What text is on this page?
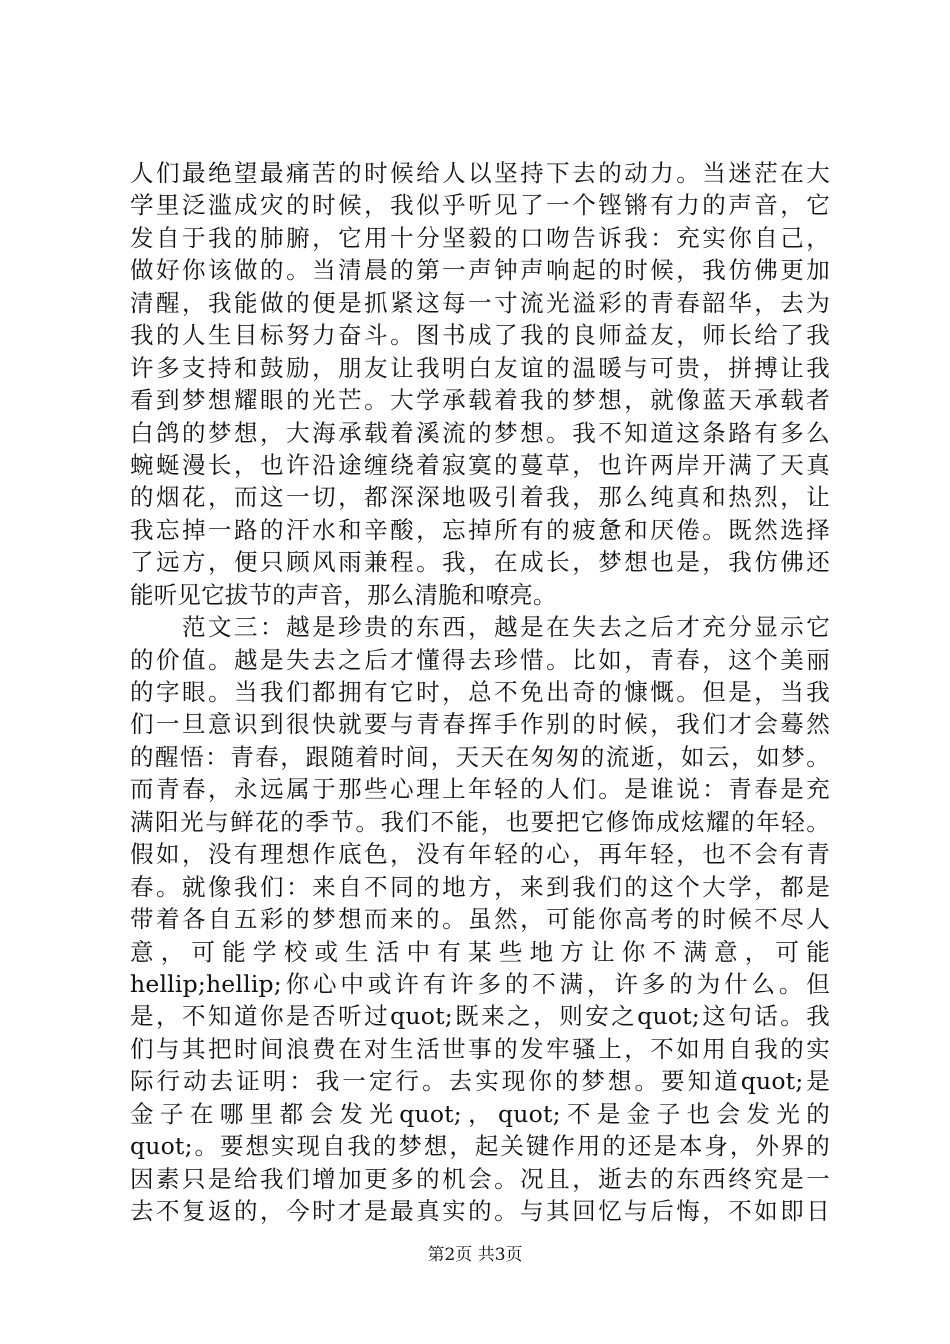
人们最绝望最痛苦的时候给人以坚持下去的动力。当迷茫在大
学里泛滥成灾的时候，我似乎听见了一个铿锵有力的声音，它
发自于我的肺腑，它用十分坚毅的口吻告诉我：充实你自己，
做好你该做的。当清晨的第一声钟声响起的时候，我仿佛更加
清醒，我能做的便是抓紧这每一寸流光溢彩的青春韶华，去为
我的人生目标努力奋斗。图书成了我的良师益友，师长给了我
许多支持和鼓励，朋友让我明白友谊的温暖与可贵，拼搏让我
看到梦想耀眼的光芒。大学承载着我的梦想，就像蓝天承载者
白鸽的梦想，大海承载着溪流的梦想。我不知道这条路有多么
蜿蜒漫长，也许沿途缠绕着寂寞的蔓草，也许两岸开满了天真
的烟花，而这一切，都深深地吸引着我，那么纯真和热烈，让
我忘掉一路的汗水和辛酸，忘掉所有的疲惫和厌倦。既然选择
了远方，便只顾风雨兼程。我，在成长，梦想也是，我仿佛还
能听见它拔节的声音，那么清脆和嘹亮。
　　范文三：越是珍贵的东西，越是在失去之后才充分显示它
的价值。越是失去之后才懂得去珍惜。比如，青春，这个美丽
的字眼。当我们都拥有它时，总不免出奇的慷慨。但是，当我
们一旦意识到很快就要与青春挥手作别的时候，我们才会蓦然
的醒悟：青春，跟随着时间，天天在匆匆的流逝，如云，如梦。
而青春，永远属于那些心理上年轻的人们。是谁说：青春是充
满阳光与鲜花的季节。我们不能，也要把它修饰成炫耀的年轻。
假如，没有理想作底色，没有年轻的心，再年轻，也不会有青
春。就像我们：来自不同的地方，来到我们的这个大学，都是
带着各自五彩的梦想而来的。虽然，可能你高考的时候不尽人
意，可能学校或生活中有某些地方让你不满意，可能
hellip;hellip;你心中或许有许多的不满，许多的为什么。但
是，不知道你是否听过quot;既来之，则安之quot;这句话。我
们与其把时间浪费在对生活世事的发牢骚上，不如用自我的实
际行动去证明：我一定行。去实现你的梦想。要知道quot;是
金子在哪里都会发光quot;，quot;不是金子也会发光的
quot;。要想实现自我的梦想，起关键作用的还是本身，外界的
因素只是给我们增加更多的机会。况且，逝去的东西终究是一
去不复返的，今时才是最真实的。与其回忆与后悔，不如即日
第2页 共3页
